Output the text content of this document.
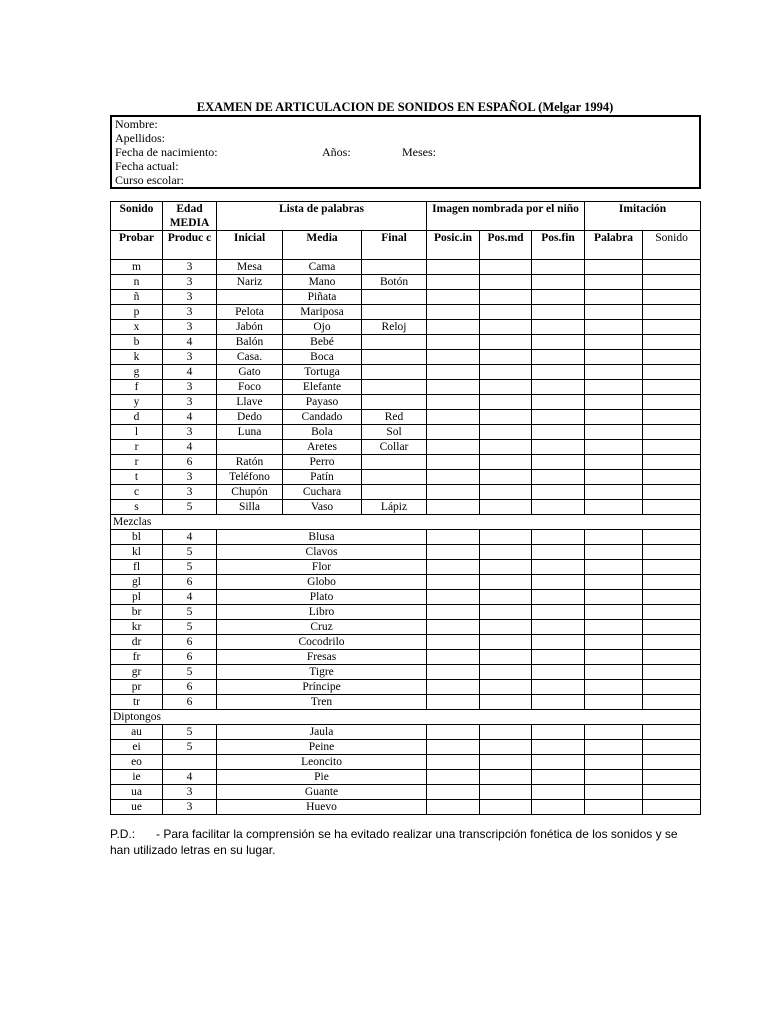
EXAMEN DE ARTICULACION DE SONIDOS EN ESPAÑOL (Melgar 1994)
Nombre:
Apellidos:
Fecha de nacimiento:	Años:	Meses:
Fecha actual:
Curso escolar:
Sonido	Edad MEDIA	Lista de palabras			Imagen nombrada por el niño			Imitación	
Probar	Produc c	Inicial	Media	Final	Posic.in	Pos.md	Pos.fin	Palabra	Sonido
m	3	Mesa	Cama						
n	3	Nariz	Mano	Botón					
ñ	3		Piñata						
p	3	Pelota	Mariposa						
x	3	Jabón	Ojo	Reloj					
b	4	Balón	Bebé						
k	3	Casa.	Boca						
g	4	Gato	Tortuga						
f	3	Foco	Elefante						
y	3	Llave	Payaso						
d	4	Dedo	Candado	Red					
l	3	Luna	Bola	Sol					
r	4		Aretes	Collar					
r	6	Ratón	Perro						
t	3	Teléfono	Patín						
c	3	Chupón	Cuchara						
s	5	Silla	Vaso	Lápiz					
Mezclas									
bl	4	Blusa							
kl	5	Clavos							
fl	5	Flor							
gl	6	Globo							
pl	4	Plato							
br	5	Libro							
kr	5	Cruz							
dr	6	Cocodrilo							
fr	6	Fresas							
gr	5	Tigre							
pr	6	Príncipe							
tr	6	Tren							
Diptongos									
au	5	Jaula							
ei	5	Peine							
eo		Leoncito							
ie	4	Pie							
ua	3	Guante							
ue	3	Huevo							
P.D.: - Para facilitar la comprensión se ha evitado realizar una transcripción fonética de los sonidos y se han utilizado letras en su lugar.
